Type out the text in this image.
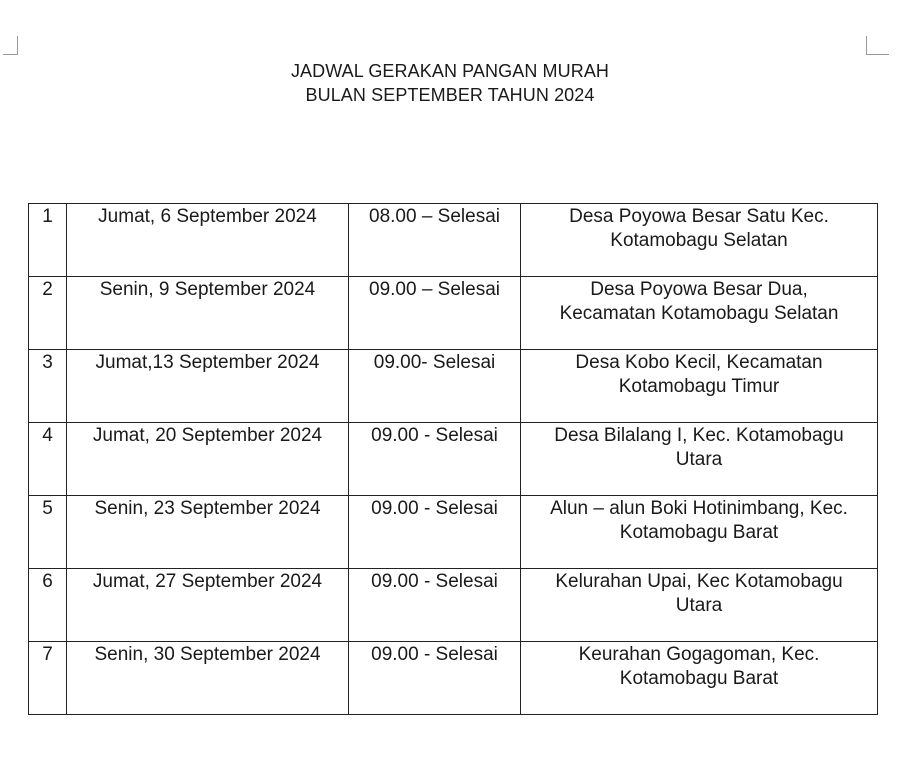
JADWAL GERAKAN PANGAN MURAH
BULAN SEPTEMBER TAHUN 2024
1	Jumat, 6 September 2024	08.00 – Selesai	Desa Poyowa Besar Satu Kec.
Kotamobagu Selatan

2	Senin, 9 September 2024	09.00 – Selesai	Desa Poyowa Besar Dua,
Kecamatan Kotamobagu Selatan

3	Jumat,13 September 2024	09.00- Selesai	Desa Kobo Kecil, Kecamatan
Kotamobagu Timur

4	Jumat, 20 September 2024	09.00 - Selesai	Desa Bilalang I, Kec. Kotamobagu
Utara

5	Senin, 23 September 2024	09.00 - Selesai	Alun – alun Boki Hotinimbang, Kec.
Kotamobagu Barat

6	Jumat, 27 September 2024	09.00 - Selesai	Kelurahan Upai, Kec Kotamobagu
Utara

7	Senin, 30 September 2024	09.00 - Selesai	Keurahan Gogagoman, Kec.
Kotamobagu Barat
